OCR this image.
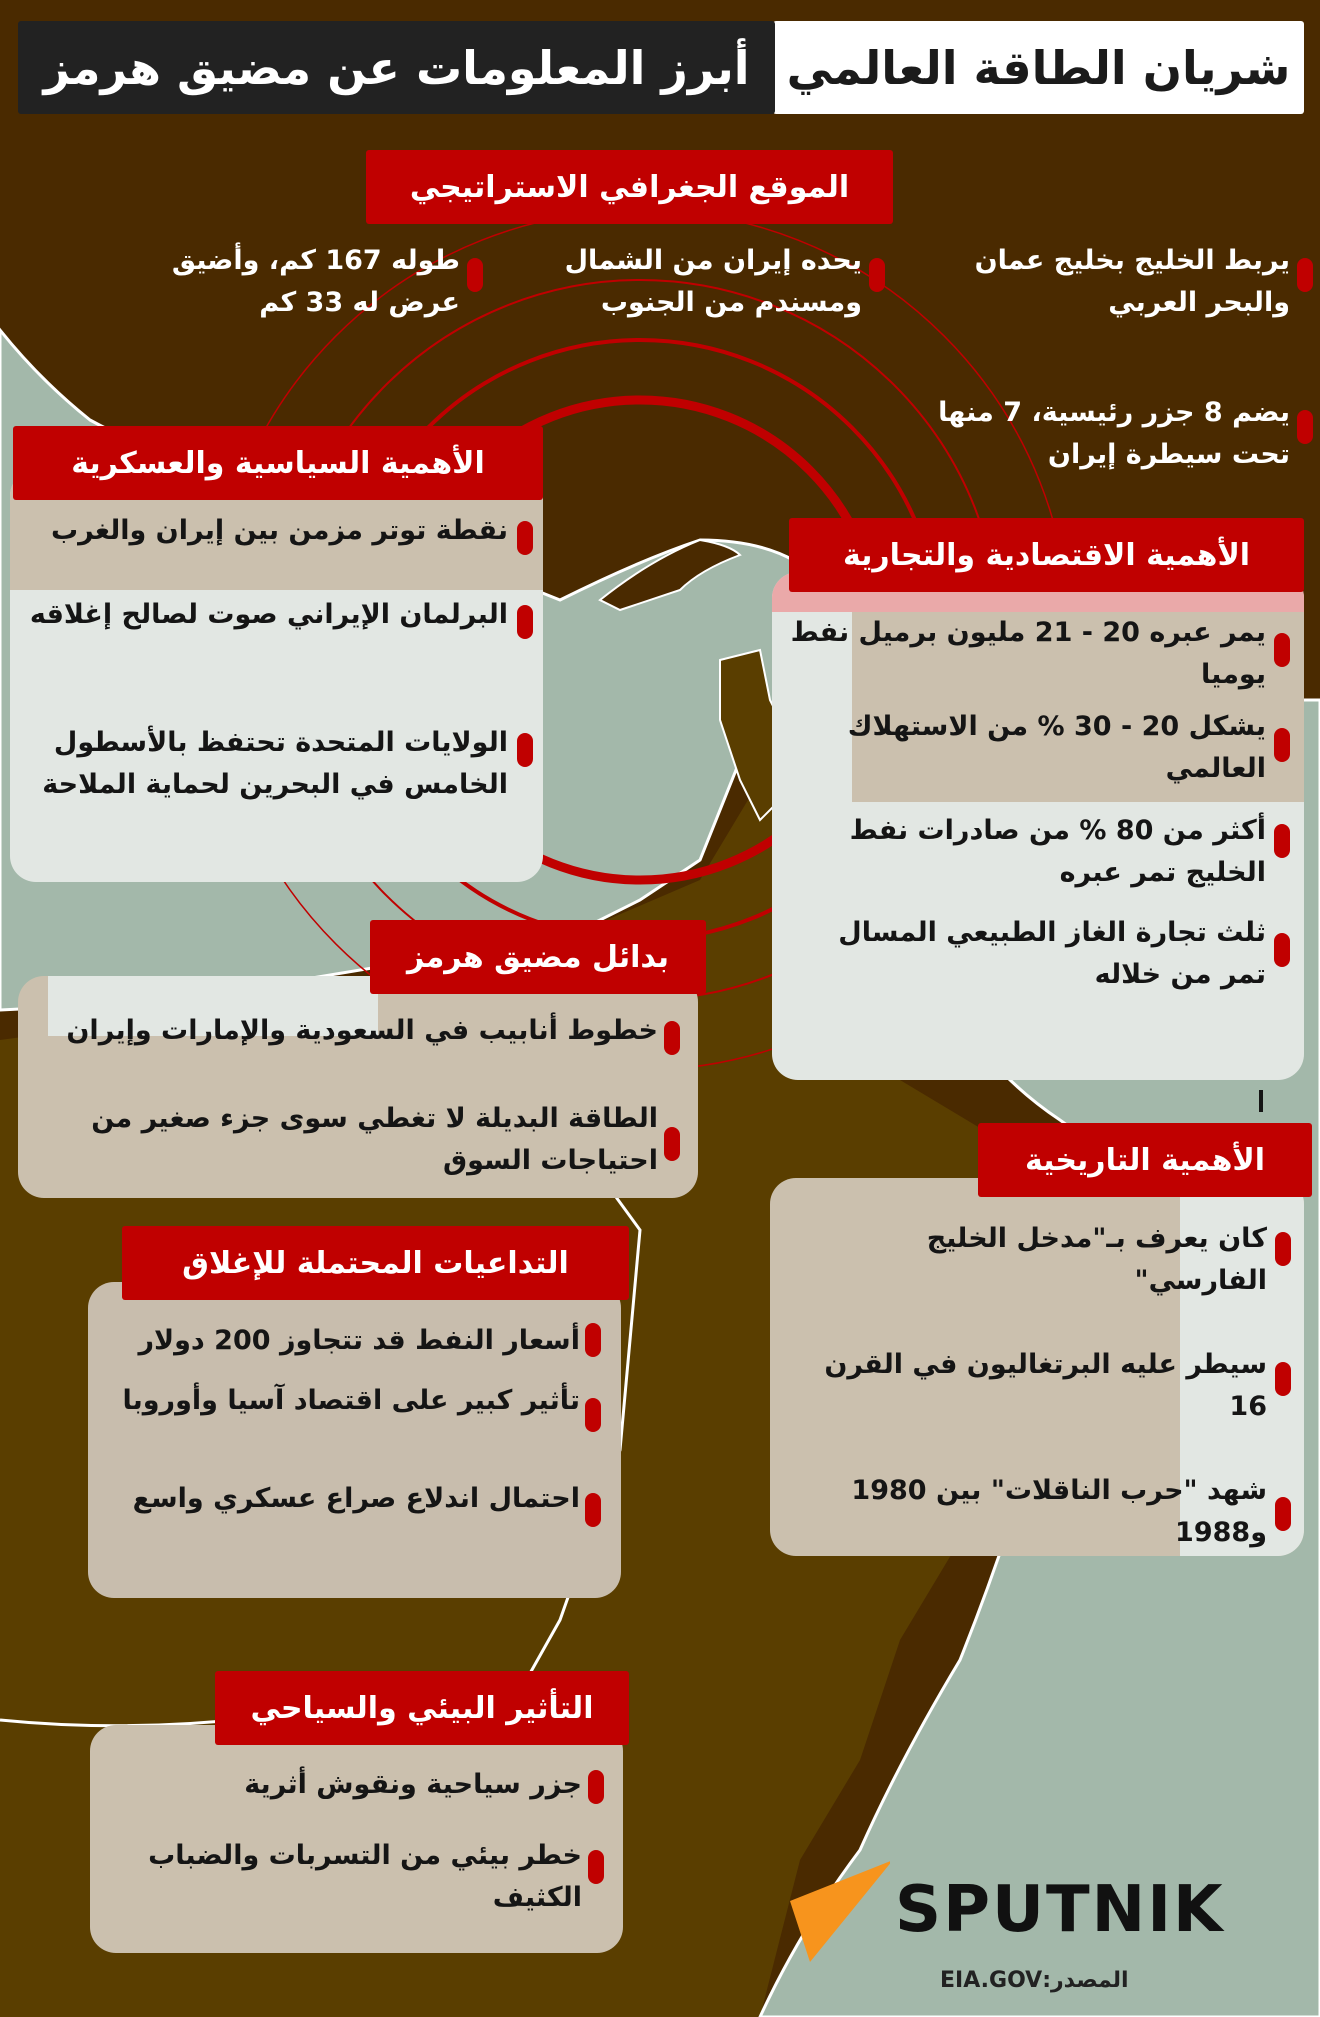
شريان الطاقة العالمي
أبرز المعلومات عن مضيق هرمز
الموقع الجغرافي الاستراتيجي
يربط الخليج بخليج عمان والبحر العربي
يحده إيران من الشمال ومسندم من الجنوب
طوله 167 كم، وأضيق عرض له 33 كم
يضم 8 جزر رئيسية، 7 منها تحت سيطرة إيران
الأهمية السياسية والعسكرية
نقطة توتر مزمن بين إيران والغرب
البرلمان الإيراني صوت لصالح إغلاقه
الولايات المتحدة تحتفظ بالأسطول الخامس في البحرين لحماية الملاحة
الأهمية الاقتصادية والتجارية
يمر عبره 20 - 21 مليون برميل نفط يوميا
يشكل 20 - 30 % من الاستهلاك العالمي
أكثر من 80 % من صادرات نفط الخليج تمر عبره
ثلث تجارة الغاز الطبيعي المسال تمر من خلاله
بدائل مضيق هرمز
خطوط أنابيب في السعودية والإمارات وإيران
الطاقة البديلة لا تغطي سوى جزء صغير من احتياجات السوق	الأهمية التاريخية
كان يعرف بـ"مدخل الخليج الفارسي"
سيطر عليه البرتغاليون في القرن 16
شهد "حرب الناقلات" بين 1980 و1988
التداعيات المحتملة للإغلاق
أسعار النفط قد تتجاوز 200 دولار
تأثير كبير على اقتصاد آسيا وأوروبا
احتمال اندلاع صراع عسكري واسع
التأثير البيئي والسياحي
جزر سياحية ونقوش أثرية
خطر بيئي من التسربات والضباب الكثيف	SPUTNIK
المصدر:EIA.GOV
